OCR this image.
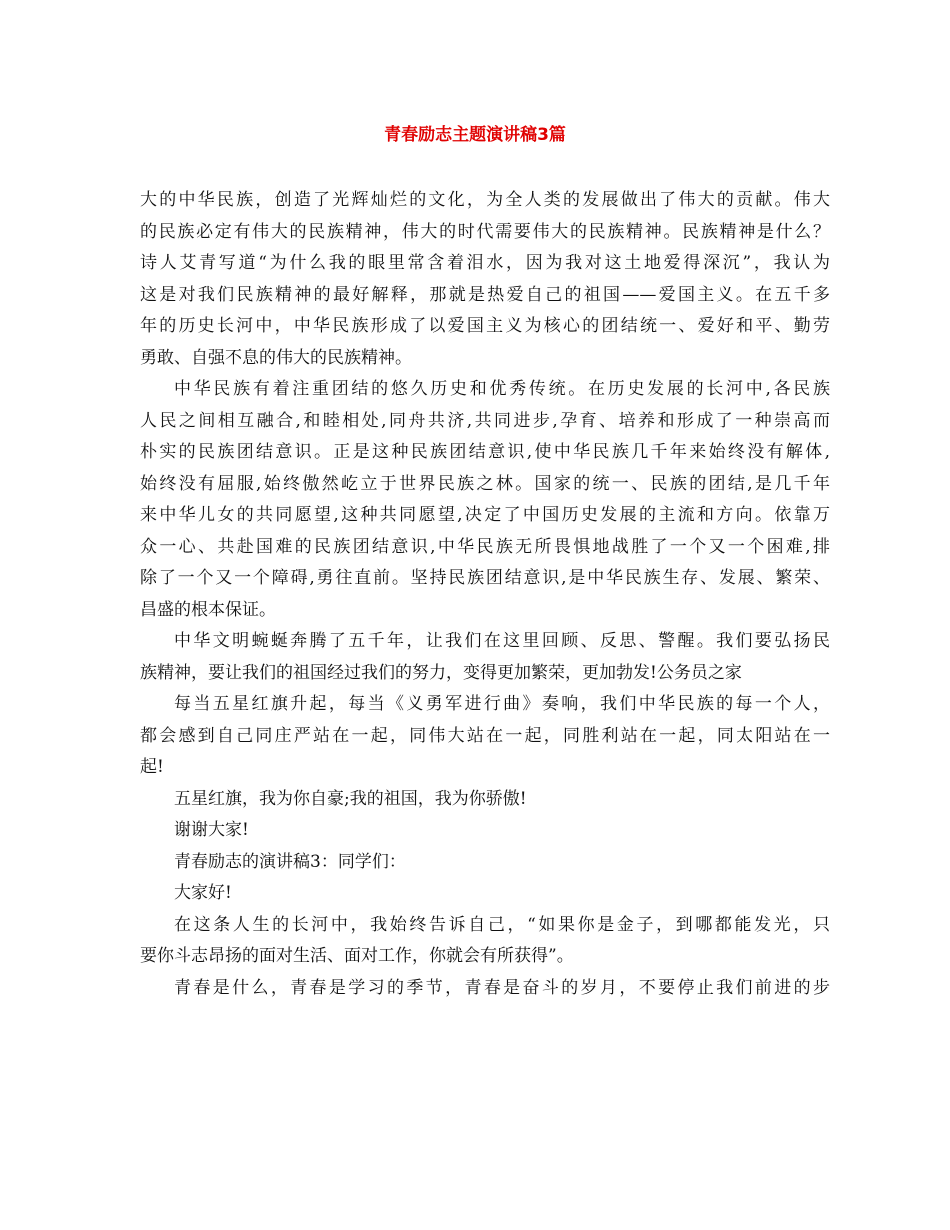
青春励志主题演讲稿3篇
大的中华民族，创造了光辉灿烂的文化，为全人类的发展做出了伟大的贡献。伟大
的民族必定有伟大的民族精神，伟大的时代需要伟大的民族精神。民族精神是什么？
诗人艾青写道“为什么我的眼里常含着泪水，因为我对这土地爱得深沉”，我认为
这是对我们民族精神的最好解释，那就是热爱自己的祖国——爱国主义。在五千多
年的历史长河中，中华民族形成了以爱国主义为核心的团结统一、爱好和平、勤劳
勇敢、自强不息的伟大的民族精神。
中华民族有着注重团结的悠久历史和优秀传统。在历史发展的长河中,各民族
人民之间相互融合,和睦相处,同舟共济,共同进步,孕育、培养和形成了一种崇高而
朴实的民族团结意识。正是这种民族团结意识,使中华民族几千年来始终没有解体,
始终没有屈服,始终傲然屹立于世界民族之林。国家的统一、民族的团结,是几千年
来中华儿女的共同愿望,这种共同愿望,决定了中国历史发展的主流和方向。依靠万
众一心、共赴国难的民族团结意识,中华民族无所畏惧地战胜了一个又一个困难,排
除了一个又一个障碍,勇往直前。坚持民族团结意识,是中华民族生存、发展、繁荣、
昌盛的根本保证。
中华文明蜿蜒奔腾了五千年，让我们在这里回顾、反思、警醒。我们要弘扬民
族精神，要让我们的祖国经过我们的努力，变得更加繁荣，更加勃发!公务员之家
每当五星红旗升起，每当《义勇军进行曲》奏响，我们中华民族的每一个人，
都会感到自己同庄严站在一起，同伟大站在一起，同胜利站在一起，同太阳站在一
起!
五星红旗，我为你自豪;我的祖国，我为你骄傲!
谢谢大家!
青春励志的演讲稿3：同学们：
大家好!
在这条人生的长河中，我始终告诉自己，“如果你是金子，到哪都能发光，只
要你斗志昂扬的面对生活、面对工作，你就会有所获得”。
青春是什么，青春是学习的季节，青春是奋斗的岁月，不要停止我们前进的步
